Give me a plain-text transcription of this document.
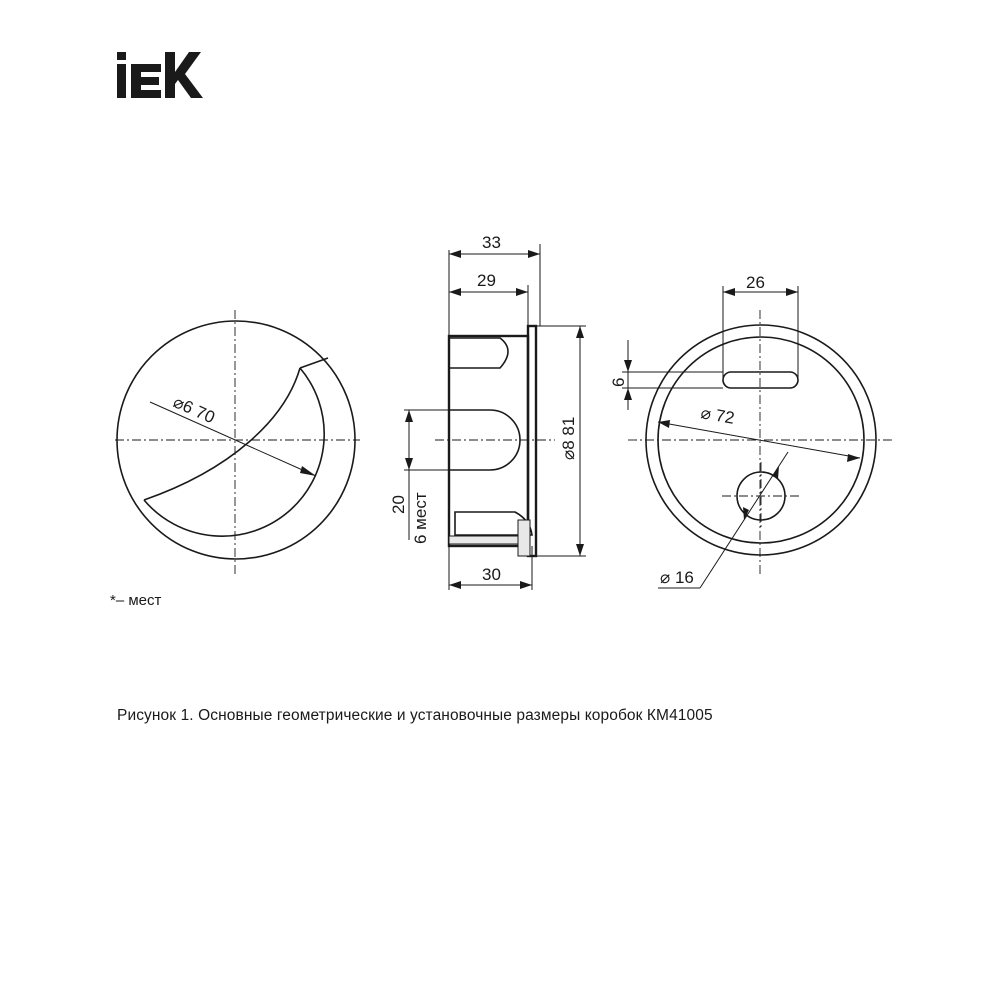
⌀6 70
33
29
30
⌀8 81
20 6 мест
26
6
⌀ 72
⌀ 16
*– мест
Рисунок 1. Основные геометрические и установочные размеры коробок КМ41005
